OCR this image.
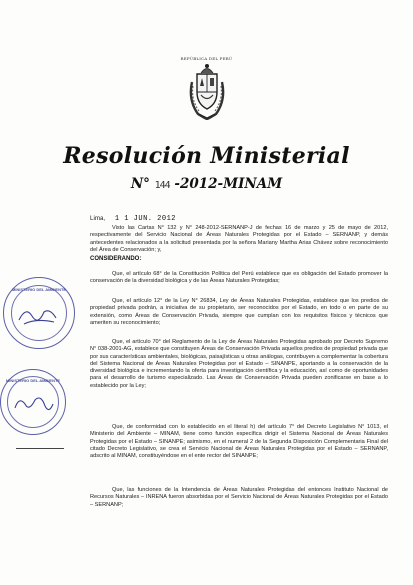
REPÚBLICA DEL PERÚ
Resolución Ministerial
N° 144 -2012-MINAM
Lima, 1 1 JUN. 2012

Visto las Cartas N° 132 y N° 248-2012-SERNANP-J de fechas 16 de marzo y 25 de mayo de 2012, respectivamente del Servicio Nacional de Áreas Naturales Protegidas por el Estado – SERNANP, y demás antecedentes relacionados a la solicitud presentada por la señora Mariany Martha Arias Chávez sobre reconocimiento del Área de Conservación; y,

CONSIDERANDO:

Que, el artículo 68° de la Constitución Política del Perú establece que es obligación del Estado promover la conservación de la diversidad biológica y de las Áreas Naturales Protegidas;

Que, el artículo 12° de la Ley N° 26834, Ley de Áreas Naturales Protegidas, establece que los predios de propiedad privada podrán, a iniciativa de su propietario, ser reconocidos por el Estado, en todo o en parte de su extensión, como Áreas de Conservación Privada, siempre que cumplan con los requisitos físicos y técnicos que ameriten su reconocimiento;

Que, el artículo 70° del Reglamento de la Ley de Áreas Naturales Protegidas aprobado por Decreto Supremo N° 038-2001-AG, establece que constituyen Áreas de Conservación Privada aquellos predios de propiedad privada que por sus características ambientales, biológicas, paisajísticas u otras análogas, contribuyen a complementar la cobertura del Sistema Nacional de Áreas Naturales Protegidas por el Estado – SINANPE, aportando a la conservación de la diversidad biológica e incrementando la oferta para investigación científica y la educación, así como de oportunidades para el desarrollo de turismo especializado. Las Áreas de Conservación Privada pueden zonificarse en base a lo establecido por la Ley;

Que, de conformidad con lo establecido en el literal h) del artículo 7° del Decreto Legislativo N° 1013, el Ministerio del Ambiente – MINAM, tiene como función específica dirigir el Sistema Nacional de Áreas Naturales Protegidas por el Estado – SINANPE; asimismo, en el numeral 2 de la Segunda Disposición Complementaria Final del citado Decreto Legislativo, se crea el Servicio Nacional de Áreas Naturales Protegidas por el Estado – SERNANP, adscrito al MINAM, constituyéndose en el ente rector del SINANPE;

Que, las funciones de la Intendencia de Áreas Naturales Protegidas del entonces Instituto Nacional de Recursos Naturales – INRENA fueron absorbidas por el Servicio Nacional de Áreas Naturales Protegidas por el Estado – SERNANP;

MINISTERIO DEL AMBIENTE
MINISTERIO DEL AMBIENTE
